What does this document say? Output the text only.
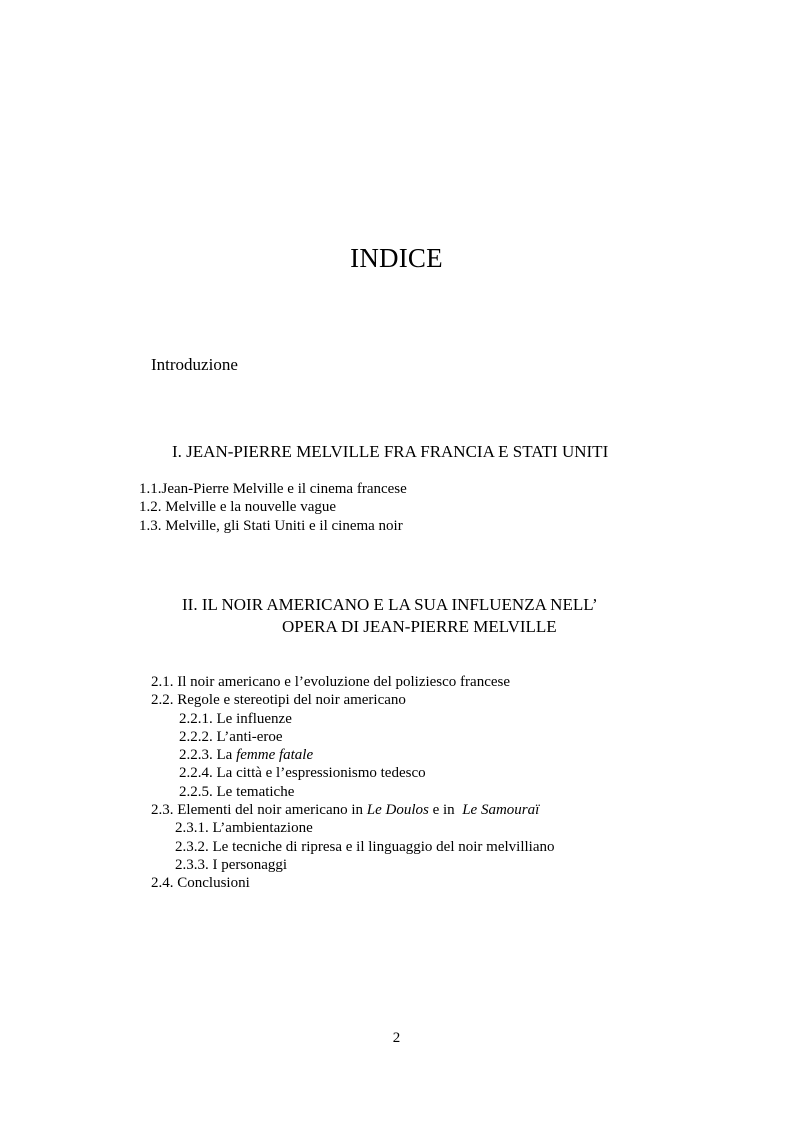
INDICE
Introduzione
I. JEAN-PIERRE MELVILLE FRA FRANCIA E STATI UNITI
1.1.Jean-Pierre Melville e il cinema francese
1.2. Melville e la nouvelle vague
1.3. Melville, gli Stati Uniti e il cinema noir
II. IL NOIR AMERICANO E LA SUA INFLUENZA NELL’
OPERA DI JEAN-PIERRE MELVILLE
2.1. Il noir americano e l’evoluzione del poliziesco francese
2.2. Regole e stereotipi del noir americano
2.2.1. Le influenze
2.2.2. L’anti-eroe
2.2.3. La femme fatale
2.2.4. La città e l’espressionismo tedesco
2.2.5. Le tematiche
2.3. Elementi del noir americano in Le Doulos e in  Le Samouraï
2.3.1. L’ambientazione
2.3.2. Le tecniche di ripresa e il linguaggio del noir melvilliano
2.3.3. I personaggi
2.4. Conclusioni
2
